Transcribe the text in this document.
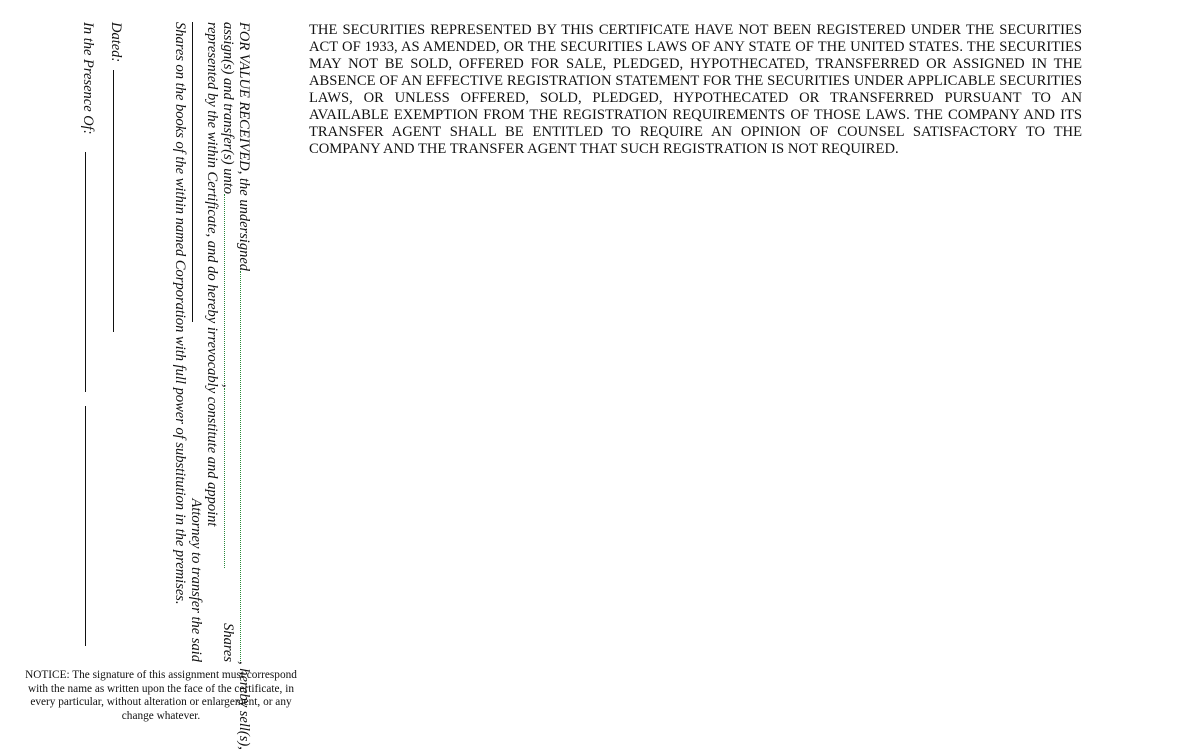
THE SECURITIES REPRESENTED BY THIS CERTIFICATE HAVE NOT BEEN REGISTERED UNDER THE SECURITIES ACT OF 1933, AS AMENDED, OR THE SECURITIES LAWS OF ANY STATE OF THE UNITED STATES. THE SECURITIES MAY NOT BE SOLD, OFFERED FOR SALE, PLEDGED, HYPOTHECATED, TRANSFERRED OR ASSIGNED IN THE ABSENCE OF AN EFFECTIVE REGISTRATION STATEMENT FOR THE SECURITIES UNDER APPLICABLE SECURITIES LAWS, OR UNLESS OFFERED, SOLD, PLEDGED, HYPOTHECATED OR TRANSFERRED PURSUANT TO AN AVAILABLE EXEMPTION FROM THE REGISTRATION REQUIREMENTS OF THOSE LAWS. THE COMPANY AND ITS TRANSFER AGENT SHALL BE ENTITLED TO REQUIRE AN OPINION OF COUNSEL SATISFACTORY TO THE COMPANY AND THE TRANSFER AGENT THAT SUCH REGISTRATION IS NOT REQUIRED.

FOR VALUE RECEIVED, the undersigned, hereby sell(s),
assign(s) and transfer(s) unto,
Shares
represented by the within Certificate, and do hereby irrevocably constitute and appoint
Attorney to transfer the said
Shares on the books of the within named Corporation with full power of substitution in the premises.
Dated:
In the Presence Of:

NOTICE: The signature of this assignment must correspond with the name as written upon the face of the certificate, in every particular, without alteration or enlargement, or any change whatever.
